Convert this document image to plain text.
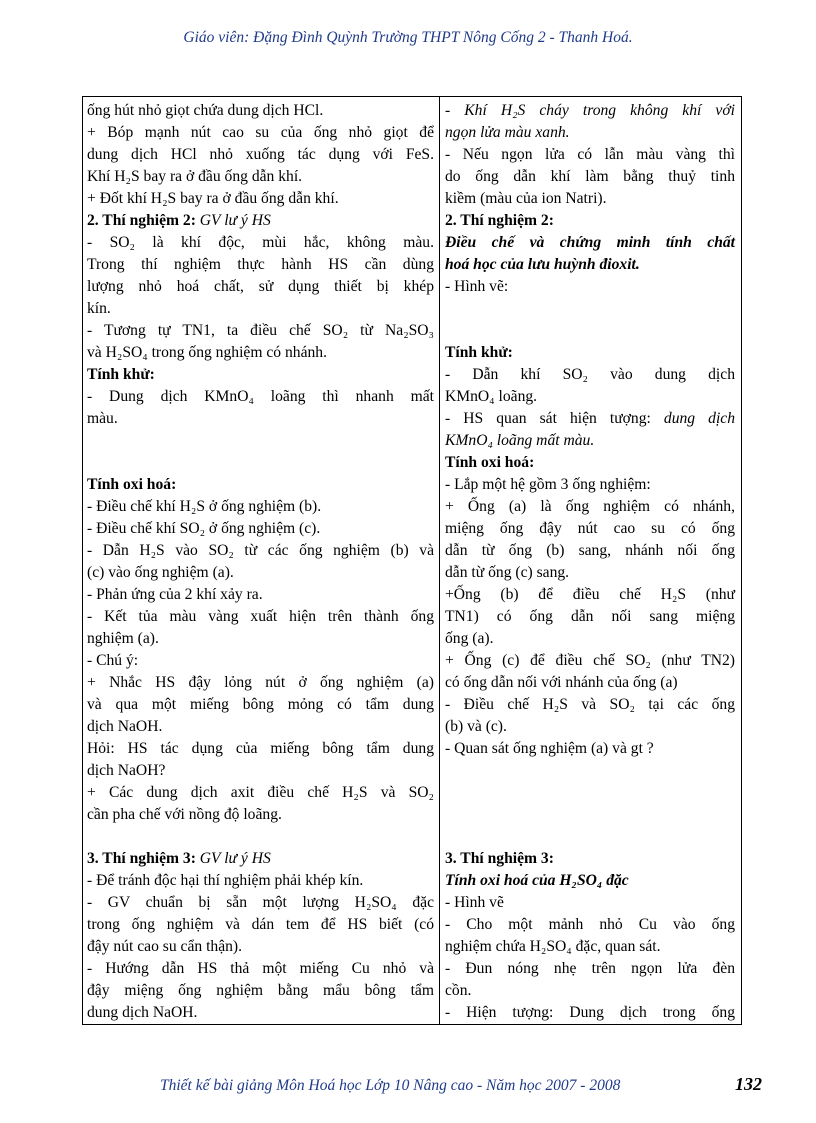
Giáo viên: Đặng Đình Quỳnh Trường THPT Nông Cống 2 - Thanh Hoá.
ống hút nhỏ giọt chứa dung dịch HCl.
+ Bóp mạnh nút cao su của ống nhỏ giọt để
dung dịch HCl nhỏ xuống tác dụng với FeS.
Khí H₂S bay ra ở đầu ống dẫn khí.
+ Đốt khí H₂S bay ra ở đầu ống dẫn khí.
2. Thí nghiệm 2: GV lư ý HS
- SO₂ là khí độc, mùi hắc, không màu.
Trong thí nghiệm thực hành HS cần dùng
lượng nhỏ hoá chất, sử dụng thiết bị khép
kín.
- Tương tự TN1, ta điều chế SO₂ từ Na₂SO₃
và H₂SO₄ trong ống nghiệm có nhánh.
Tính khử:
- Dung dịch KMnO₄ loãng thì nhanh mất
màu.
Tính oxi hoá:
- Điều chế khí H₂S ở ống nghiệm (b).
- Điều chế khí SO₂ ở ống nghiệm (c).
- Dẫn H₂S vào SO₂ từ các ống nghiệm (b) và
(c) vào ống nghiệm (a).
- Phản ứng của 2 khí xảy ra.
- Kết tủa màu vàng xuất hiện trên thành ống
nghiệm (a).
- Chú ý:
+ Nhắc HS đậy lỏng nút ở ống nghiệm (a)
và qua một miếng bông mỏng có tẩm dung
dịch NaOH.
Hỏi: HS tác dụng của miếng bông tẩm dung
dịch NaOH?
+ Các dung dịch axit điều chế H₂S và SO₂
cần pha chế với nồng độ loãng.
3. Thí nghiệm 3: GV lư ý HS
- Để tránh độc hại thí nghiệm phải khép kín.
- GV chuẩn bị sẵn một lượng H₂SO₄ đặc
trong ống nghiệm và dán tem để HS biết (có
đậy nút cao su cẩn thận).
- Hướng dẫn HS thả một miếng Cu nhỏ và
đậy miệng ống nghiệm bằng mẩu bông tẩm
dung dịch NaOH.
- Khí H₂S cháy trong không khí với
ngọn lửa màu xanh.
- Nếu ngọn lửa có lẫn màu vàng thì
do ống dẫn khí làm bằng thuỷ tinh
kiềm (màu của ion Natri).
2. Thí nghiệm 2:
Điều chế và chứng minh tính chất
hoá học của lưu huỳnh đioxit.
- Hình vẽ:
Tính khử:
- Dẫn khí SO₂ vào dung dịch
KMnO₄ loãng.
- HS quan sát hiện tượng: dung dịch
KMnO₄ loãng mất màu.
Tính oxi hoá:
- Lắp một hệ gồm 3 ống nghiệm:
+ Ống (a) là ống nghiệm có nhánh,
miệng ống đậy nút cao su có ống
dẫn từ ống (b) sang, nhánh nối ống
dẫn từ ống (c) sang.
+Ống (b) để điều chế H₂S (như
TN1) có ống dẫn nối sang miệng
ống (a).
+ Ống (c) để điều chế SO₂ (như TN2)
có ống dẫn nối với nhánh của ống (a)
- Điều chế H₂S và SO₂ tại các ống
(b) và (c).
- Quan sát ống nghiệm (a) và gt ?
3. Thí nghiệm 3:
Tính oxi hoá của H₂SO₄ đặc
- Hình vẽ
- Cho một mảnh nhỏ Cu vào ống
nghiệm chứa H₂SO₄ đặc, quan sát.
- Đun nóng nhẹ trên ngọn lửa đèn
cồn.
- Hiện tượng: Dung dịch trong ống
Thiết kế bài giảng Môn Hoá học Lớp 10 Nâng cao - Năm học 2007 - 2008	132
